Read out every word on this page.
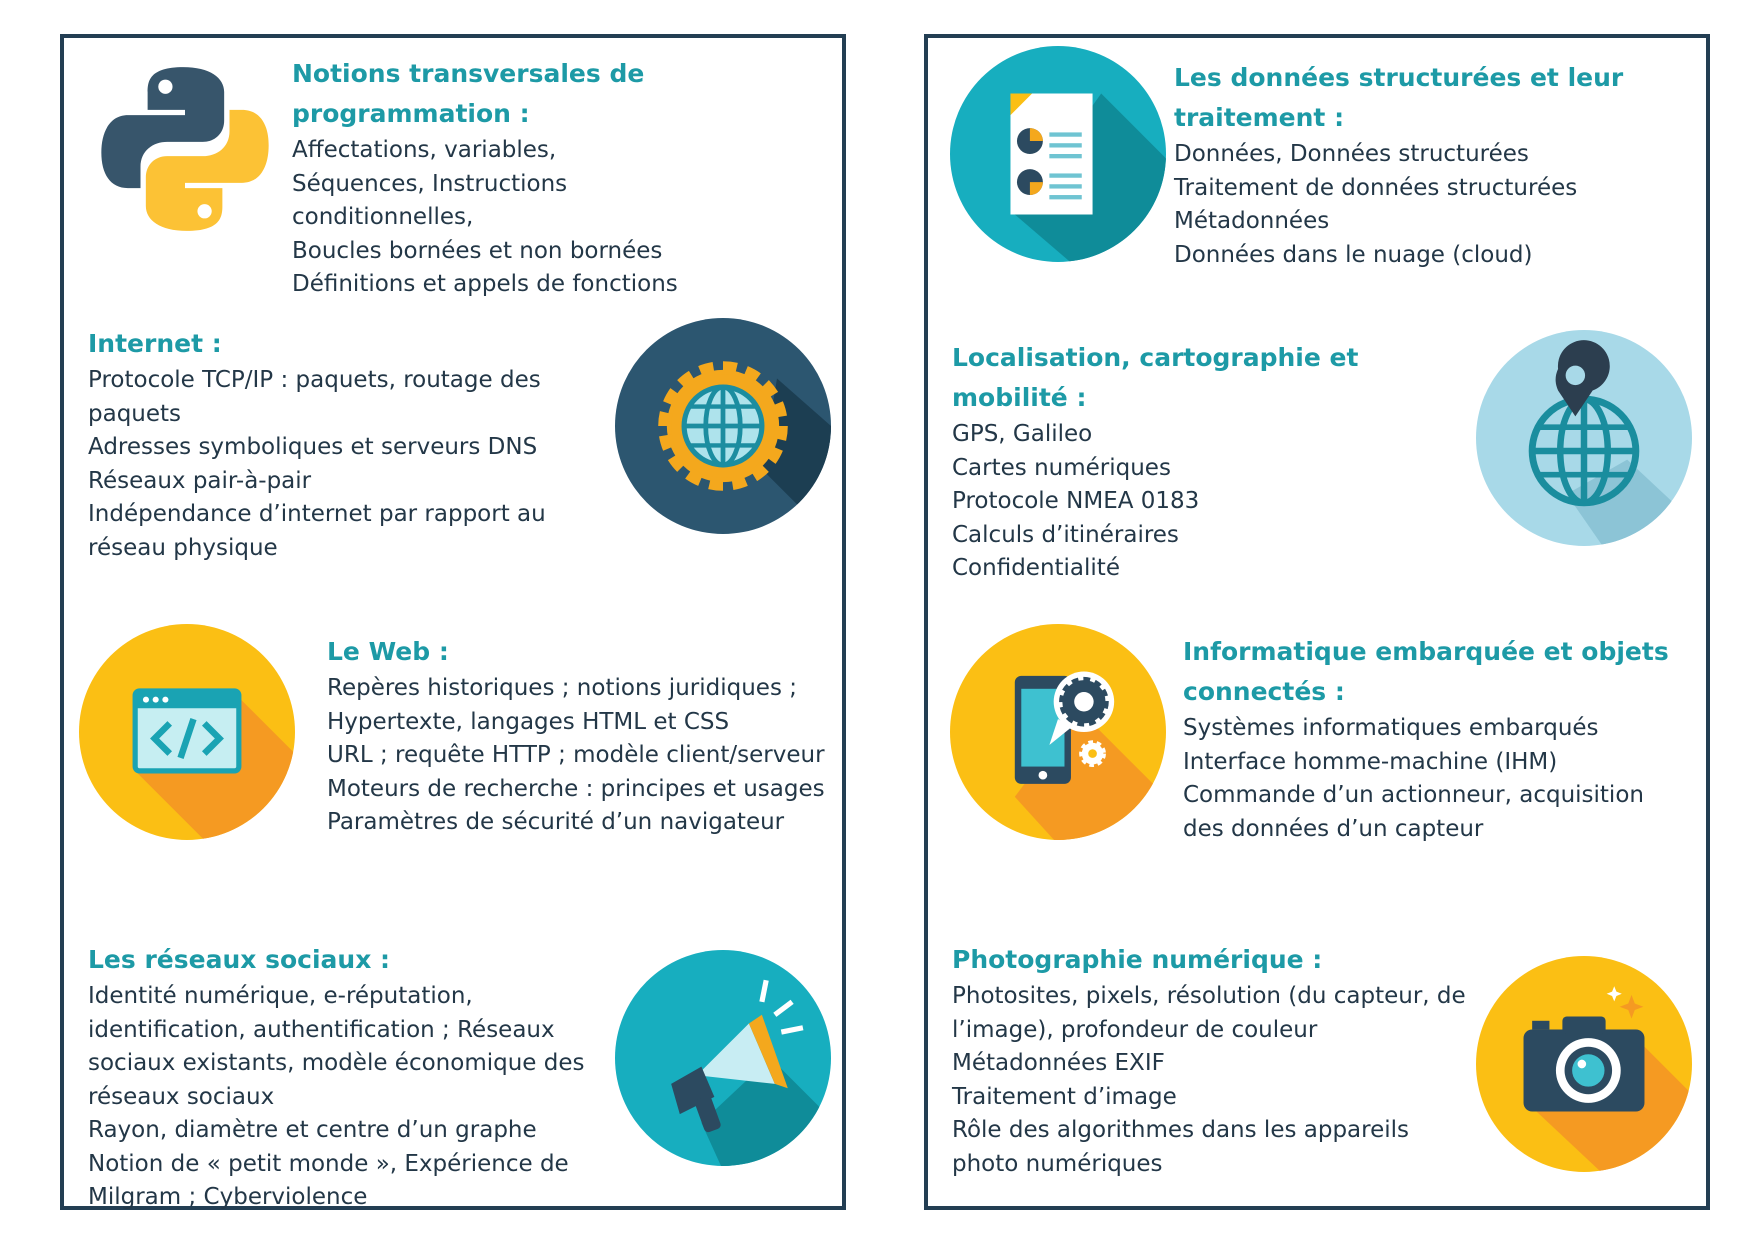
Notions transversales de programmation :
Affectations, variables,
Séquences, Instructions conditionnelles,
Boucles bornées et non bornées
Définitions et appels de fonctions
Internet :
Protocole TCP/IP : paquets, routage des paquets
Adresses symboliques et serveurs DNS
Réseaux pair-à-pair
Indépendance d’internet par rapport au réseau physique
Le Web :
Repères historiques ; notions juridiques ;
Hypertexte, langages HTML et CSS
URL ; requête HTTP ; modèle client/serveur
Moteurs de recherche : principes et usages
Paramètres de sécurité d’un navigateur
Les réseaux sociaux :
Identité numérique, e-réputation, identification, authentification ; Réseaux sociaux existants, modèle économique des réseaux sociaux
Rayon, diamètre et centre d’un graphe
Notion de « petit monde », Expérience de Milgram ; Cyberviolence
Les données structurées et leur traitement :
Données, Données structurées
Traitement de données structurées
Métadonnées
Données dans le nuage (cloud)
Localisation, cartographie et mobilité :
GPS, Galileo
Cartes numériques
Protocole NMEA 0183
Calculs d’itinéraires
Confidentialité
Informatique embarquée et objets connectés :
Systèmes informatiques embarqués
Interface homme-machine (IHM)
Commande d’un actionneur, acquisition des données d’un capteur
Photographie numérique :
Photosites, pixels, résolution (du capteur, de l’image), profondeur de couleur
Métadonnées EXIF
Traitement d’image
Rôle des algorithmes dans les appareils photo numériques
